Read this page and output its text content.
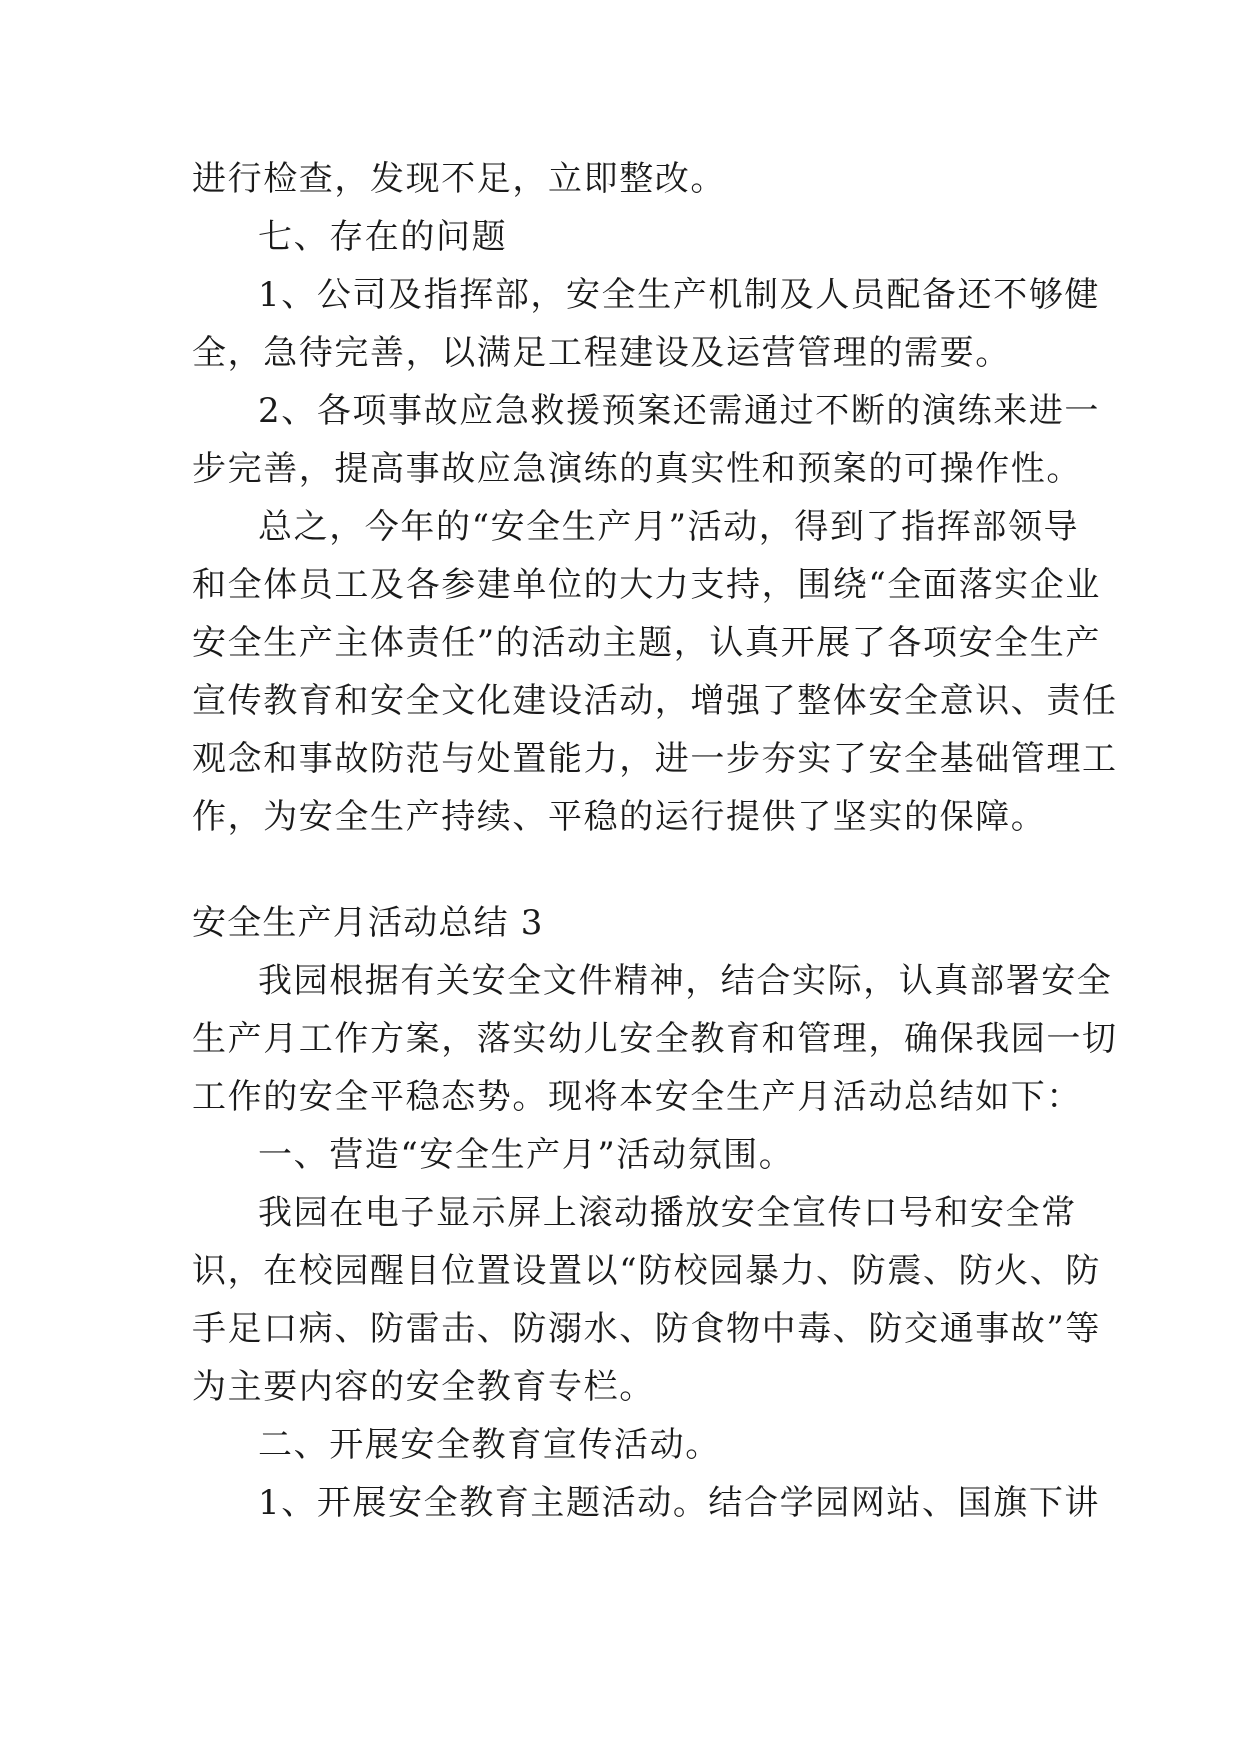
进行检查，发现不足，立即整改。
七、存在的问题
1、公司及指挥部，安全生产机制及人员配备还不够健
全，急待完善，以满足工程建设及运营管理的需要。
2、各项事故应急救援预案还需通过不断的演练来进一
步完善，提高事故应急演练的真实性和预案的可操作性。
总之，今年的“安全生产月”活动，得到了指挥部领导
和全体员工及各参建单位的大力支持，围绕“全面落实企业
安全生产主体责任”的活动主题，认真开展了各项安全生产
宣传教育和安全文化建设活动，增强了整体安全意识、责任
观念和事故防范与处置能力，进一步夯实了安全基础管理工
作，为安全生产持续、平稳的运行提供了坚实的保障。
安全生产月活动总结 3
我园根据有关安全文件精神，结合实际，认真部署安全
生产月工作方案，落实幼儿安全教育和管理，确保我园一切
工作的安全平稳态势。现将本安全生产月活动总结如下：
一、营造“安全生产月”活动氛围。
我园在电子显示屏上滚动播放安全宣传口号和安全常
识，在校园醒目位置设置以“防校园暴力、防震、防火、防
手足口病、防雷击、防溺水、防食物中毒、防交通事故”等
为主要内容的安全教育专栏。
二、开展安全教育宣传活动。
1、开展安全教育主题活动。结合学园网站、国旗下讲
